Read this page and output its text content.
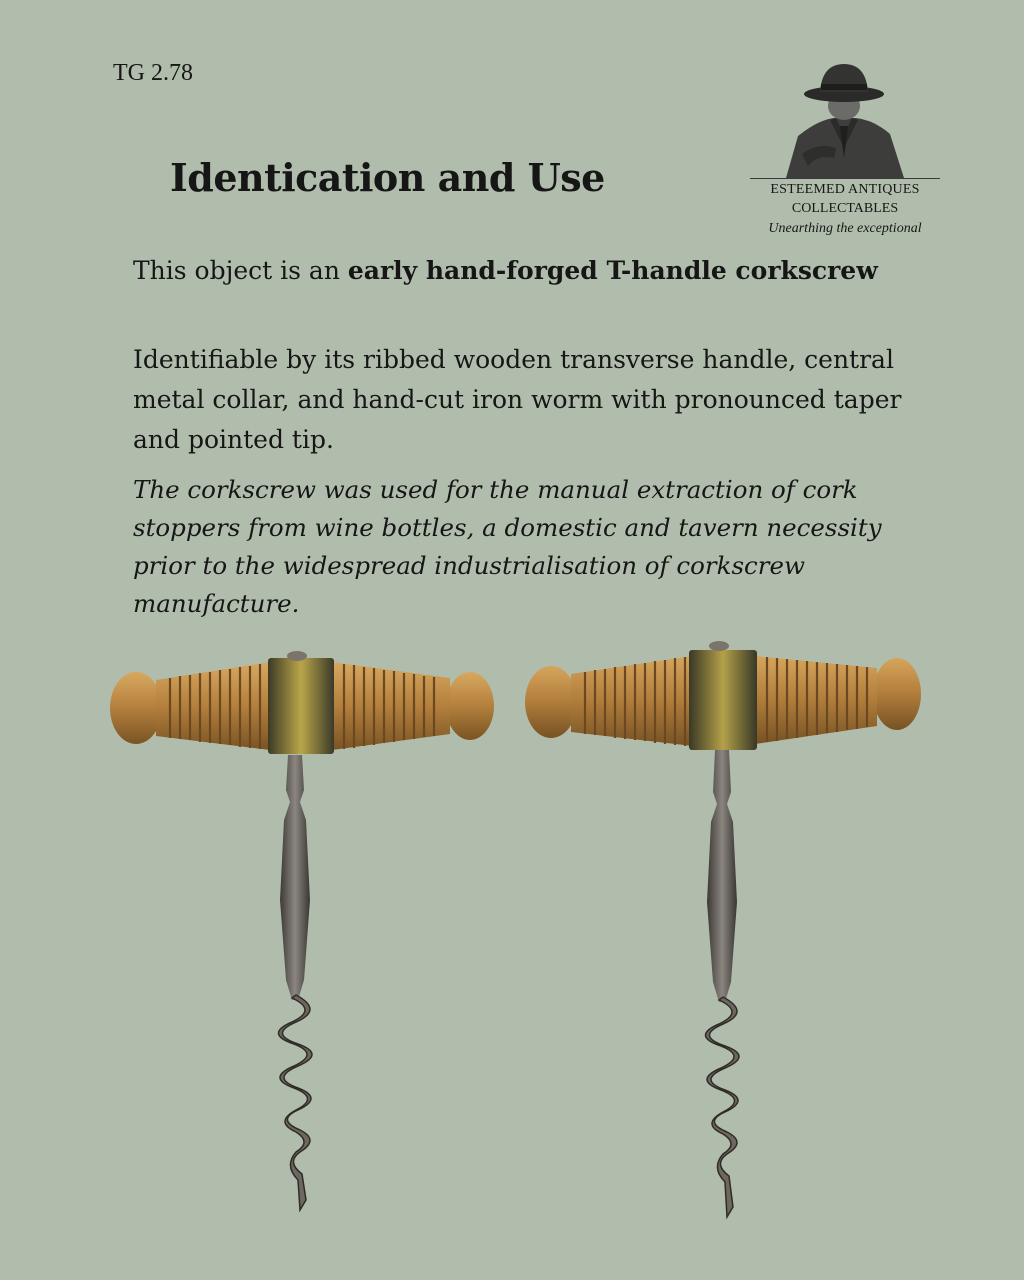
TG 2.78
Identication and Use	ESTEEMED ANTIQUES
COLLECTABLES
Unearthing the exceptional

This object is an early hand-forged T-handle corkscrew

Identifiable by its ribbed wooden transverse handle, central metal collar, and hand-cut iron worm with pronounced taper and pointed tip.

The corkscrew was used for the manual extraction of cork stoppers from wine bottles, a domestic and tavern necessity prior to the widespread industrialisation of corkscrew manufacture.
